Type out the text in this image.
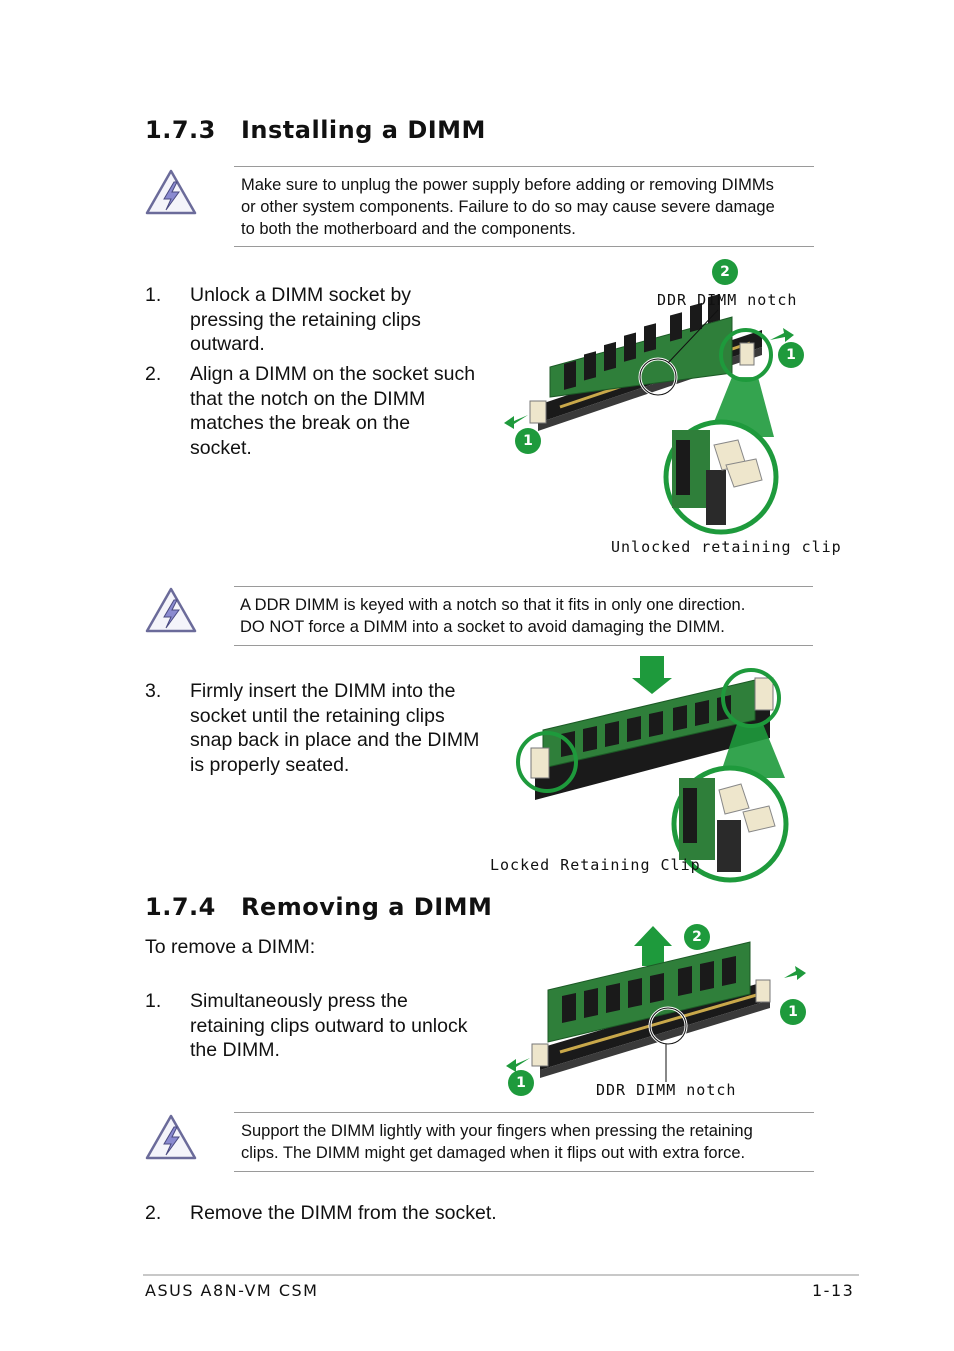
1.7.3 Installing a DIMM
Make sure to unplug the power supply before adding or removing DIMMs
or other system components. Failure to do so may cause severe damage
to both the motherboard and the components.
1. Unlock a DIMM socket by
pressing the retaining clips
outward.
2. Align a DIMM on the socket such
that the notch on the DIMM
matches the break on the
socket.
2
1
1
DDR DIMM notch
Unlocked retaining clip
A DDR DIMM is keyed with a notch so that it fits in only one direction.
DO NOT force a DIMM into a socket to avoid damaging the DIMM.
3. Firmly insert the DIMM into the
socket until the retaining clips
snap back in place and the DIMM
is properly seated.
Locked Retaining Clip
1.7.4 Removing a DIMM
To remove a DIMM:
1. Simultaneously press the
retaining clips outward to unlock
the DIMM.
2
1
1	DDR DIMM notch
Support the DIMM lightly with your fingers when pressing the retaining
clips. The DIMM might get damaged when it flips out with extra force.
2. Remove the DIMM from the socket.
ASUS A8N-VM CSM	1-13
